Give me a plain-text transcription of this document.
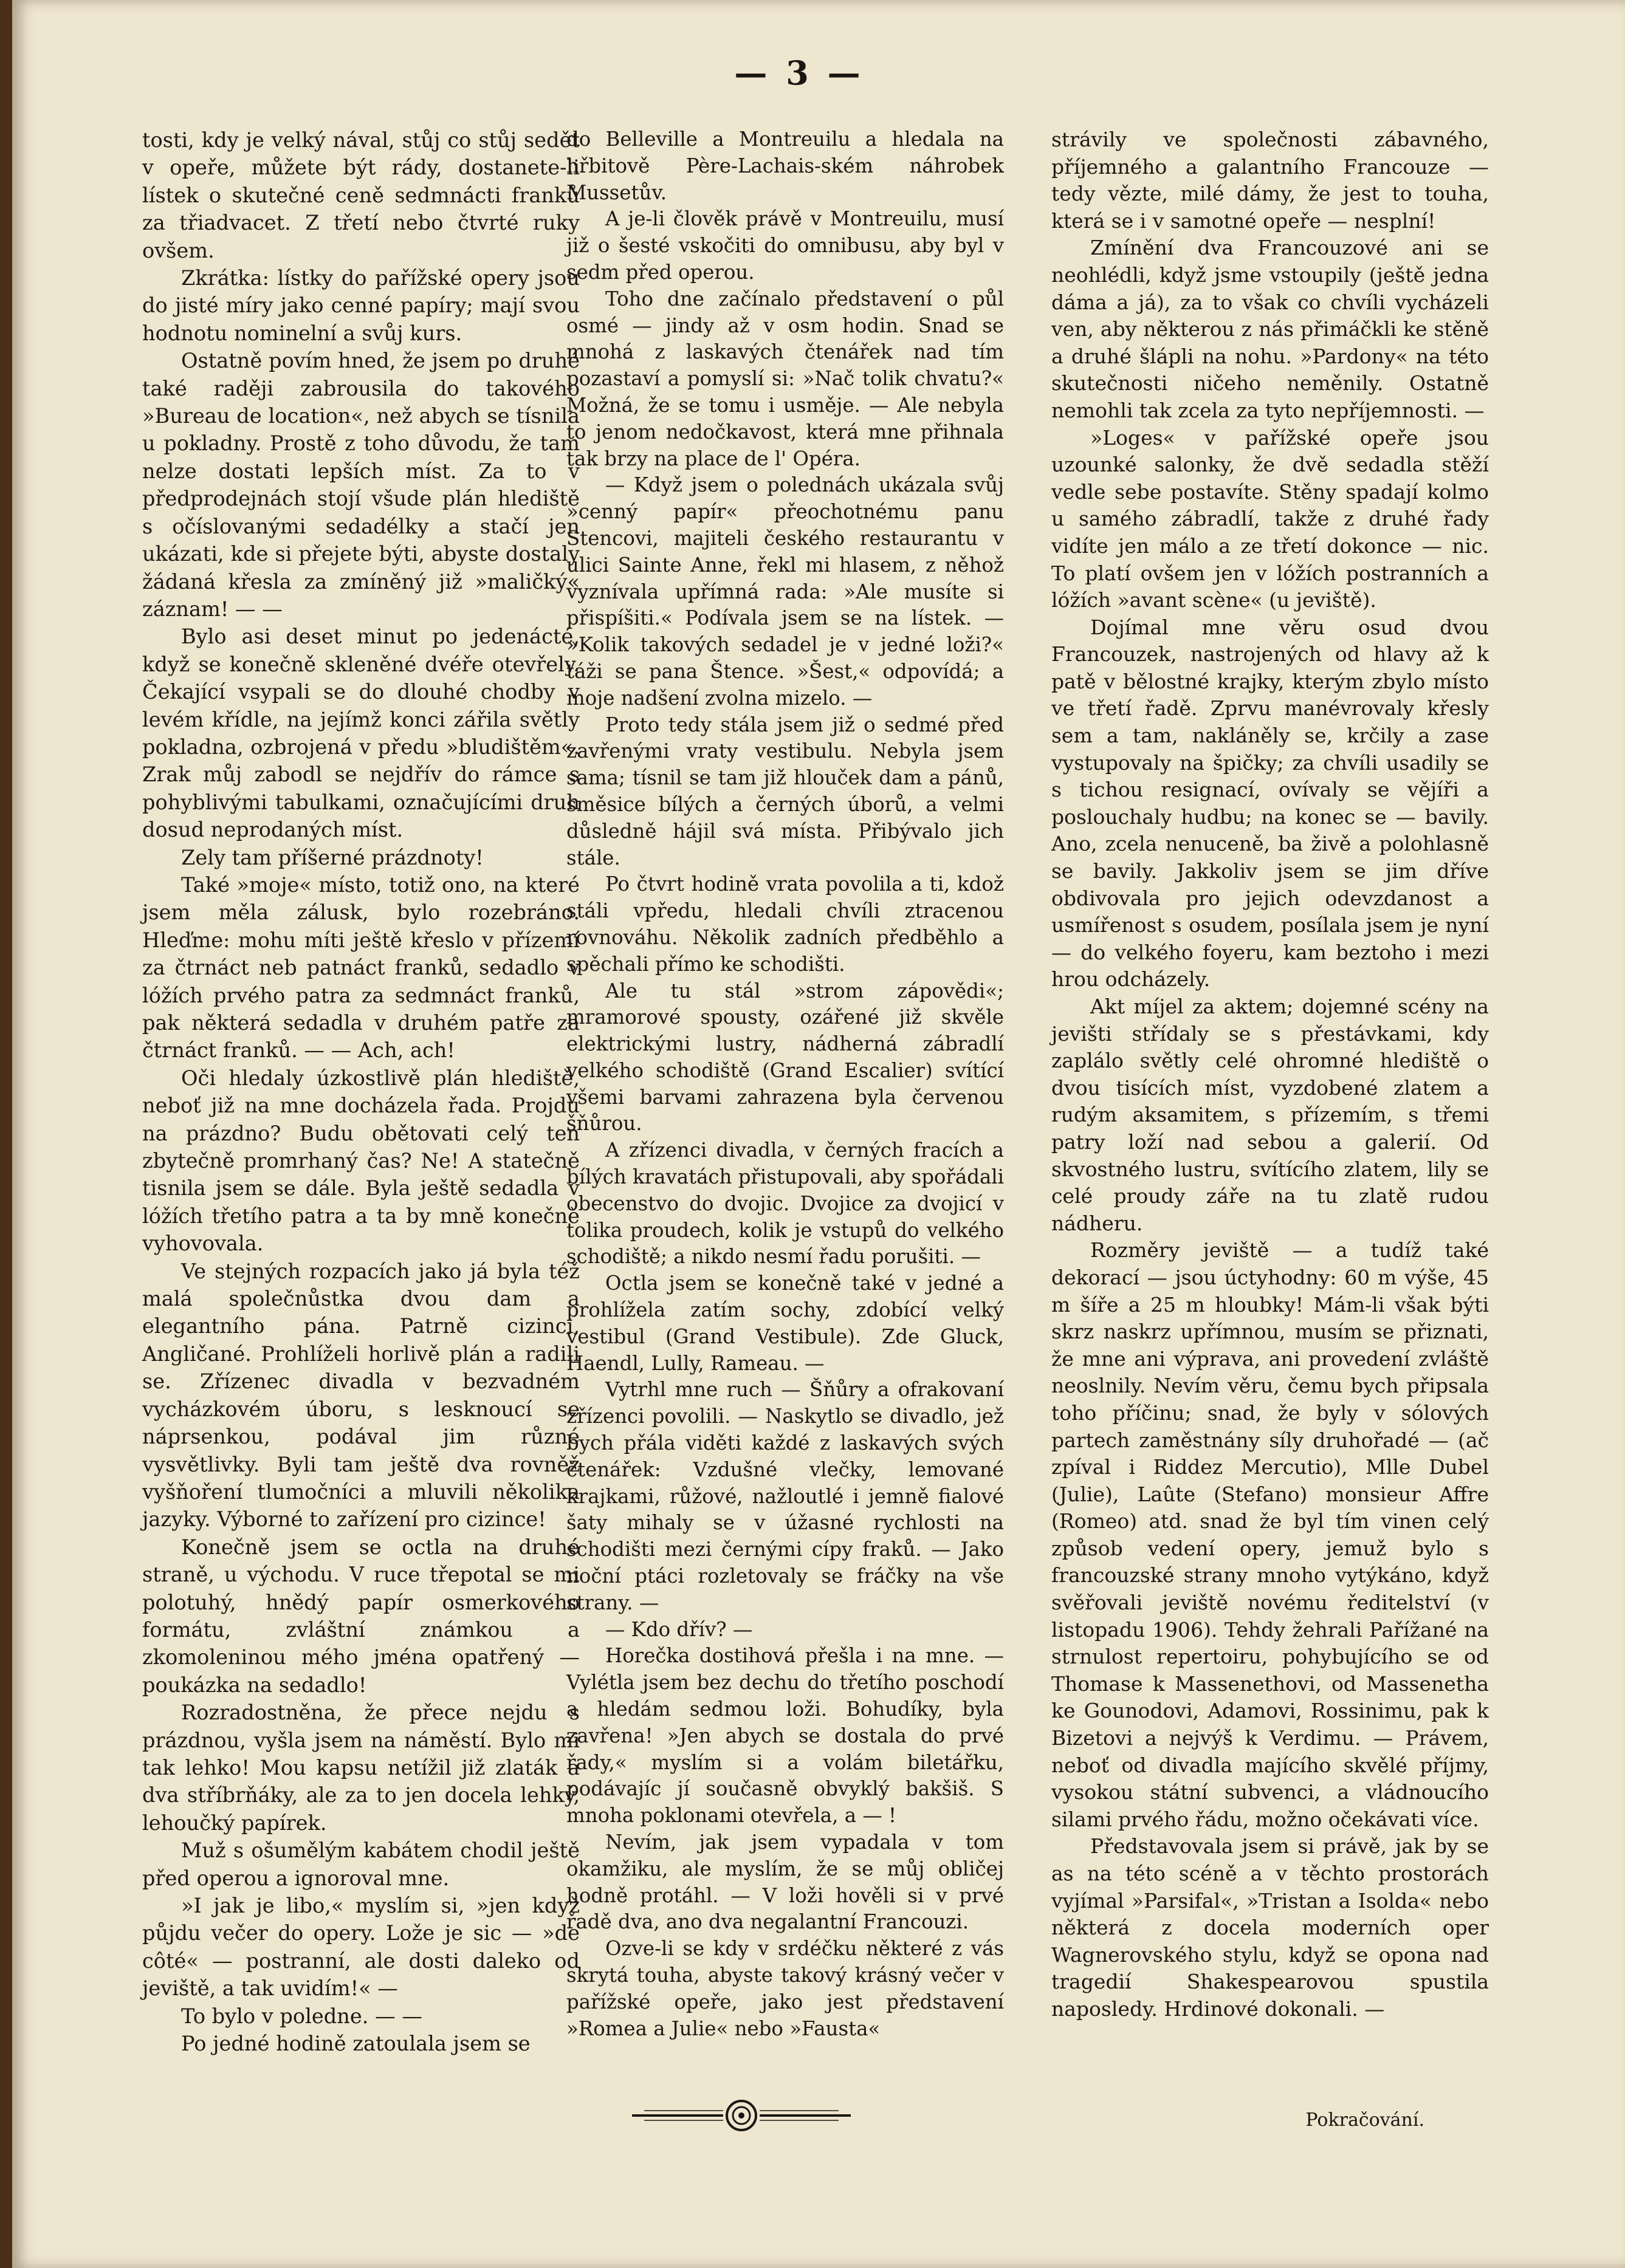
— 3 —

tosti, kdy je velký nával, stůj co stůj sedět v opeře, můžete být rády, dostanete-li lístek o skutečné ceně sedmnácti franků za třiadvacet. Z třetí nebo čtvrté ruky ovšem.

Zkrátka: lístky do pařížské opery jsou do jisté míry jako cenné papíry; mají svou hodnotu nominelní a svůj kurs.

Ostatně povím hned, že jsem po druhé také raději zabrousila do takového »Bureau de location«, než abych se tísnila u pokladny. Prostě z toho důvodu, že tam nelze dostati lepších míst. Za to v předprodejnách stojí všude plán hlediště s očíslovanými sedadélky a stačí jen ukázati, kde si přejete býti, abyste dostaly žádaná křesla za zmíněný již »maličký« záznam! — —

Bylo asi deset minut po jedenácté, když se konečně skleněné dvéře otevřely. Čekající vsypali se do dlouhé chodby v levém křídle, na jejímž konci zářila světly pokladna, ozbrojená v předu »bludištěm«. Zrak můj zabodl se nejdřív do rámce s pohyblivými tabulkami, označujícími druh dosud neprodaných míst.

Zely tam příšerné prázdnoty!

Také »moje« místo, totiž ono, na které jsem měla zálusk, bylo rozebráno. Hleďme: mohu míti ještě křeslo v přízemí za čtrnáct neb patnáct franků, sedadlo v lóžích prvého patra za sedmnáct franků, pak některá sedadla v druhém patře za čtrnáct franků. — — Ach, ach!

Oči hledaly úzkostlivě plán hlediště, neboť již na mne docházela řada. Projdu na prázdno? Budu obětovati celý ten zbytečně promrhaný čas? Ne! A statečně tisnila jsem se dále. Byla ještě sedadla v lóžích třetího patra a ta by mně konečně vyhovovala.

Ve stejných rozpacích jako já byla též malá společnůstka dvou dam a elegantního pána. Patrně cizinci, Angličané. Prohlíželi horlivě plán a radili se. Zřízenec divadla v bezvadném vycházkovém úboru, s lesknoucí se náprsenkou, podával jim různé vysvětlivky. Byli tam ještě dva rovněž vyšňoření tlumočníci a mluvili několika jazyky. Výborné to zařízení pro cizince!

Konečně jsem se octla na druhé straně, u východu. V ruce třepotal se mi polotuhý, hnědý papír osmerkového formátu, zvláštní známkou a zkomoleninou mého jména opatřený — poukázka na sedadlo!

Rozradostněna, že přece nejdu s prázdnou, vyšla jsem na náměstí. Bylo mi tak lehko! Mou kapsu netížil již zlaták a dva stříbrňáky, ale za to jen docela lehký, lehoučký papírek.

Muž s ošumělým kabátem chodil ještě před operou a ignoroval mne.

»I jak je libo,« myslím si, »jen když půjdu večer do opery. Lože je sic — »de côté« — postranní, ale dosti daleko od jeviště, a tak uvidím!« —

To bylo v poledne. — —

Po jedné hodině zatoulala jsem se

do Belleville a Montreuilu a hledala na hřbitově Père-Lachais-ském náhrobek Mussetův.

A je-li člověk právě v Montreuilu, musí již o šesté vskočiti do omnibusu, aby byl v sedm před operou.

Toho dne začínalo představení o půl osmé — jindy až v osm hodin. Snad se mnohá z laskavých čtenářek nad tím pozastaví a pomyslí si: »Nač tolik chvatu?« Možná, že se tomu i usměje. — Ale nebyla to jenom nedočkavost, která mne přihnala tak brzy na place de l' Opéra.

— Když jsem o polednách ukázala svůj »cenný papír« přeochotnému panu Stencovi, majiteli českého restaurantu v ulici Sainte Anne, řekl mi hlasem, z něhož vyznívala upřímná rada: »Ale musíte si přispíšiti.« Podívala jsem se na lístek. — »Kolik takových sedadel je v jedné loži?« táži se pana Štence. »Šest,« odpovídá; a moje nadšení zvolna mizelo. —

Proto tedy stála jsem již o sedmé před zavřenými vraty vestibulu. Nebyla jsem sama; tísnil se tam již hlouček dam a pánů, směsice bílých a černých úborů, a velmi důsledně hájil svá místa. Přibývalo jich stále.

Po čtvrt hodině vrata povolila a ti, kdož stáli vpředu, hledali chvíli ztracenou rovnováhu. Několik zadních předběhlo a spěchali přímo ke schodišti.

Ale tu stál »strom zápovědi«; mramorové spousty, ozářené již skvěle elektrickými lustry, nádherná zábradlí velkého schodiště (Grand Escalier) svítící všemi barvami zahrazena byla červenou šňůrou.

A zřízenci divadla, v černých fracích a bílých kravatách přistupovali, aby spořádali obecenstvo do dvojic. Dvojice za dvojicí v tolika proudech, kolik je vstupů do velkého schodiště; a nikdo nesmí řadu porušiti. —

Octla jsem se konečně také v jedné a prohlížela zatím sochy, zdobící velký vestibul (Grand Vestibule). Zde Gluck, Haendl, Lully, Rameau. —

Vytrhl mne ruch — Šňůry a ofrakovaní zřízenci povolili. — Naskytlo se divadlo, jež bych přála viděti každé z laskavých svých čtenářek: Vzdušné vlečky, lemované krajkami, růžové, nažloutlé i jemně fialové šaty mihaly se v úžasné rychlosti na schodišti mezi černými cípy fraků. — Jako noční ptáci rozletovaly se fráčky na vše strany. —

— Kdo dřív? —

Horečka dostihová přešla i na mne. — Vylétla jsem bez dechu do třetího poschodí a hledám sedmou loži. Bohudíky, byla zavřena! »Jen abych se dostala do prvé řady,« myslím si a volám biletářku, podávajíc jí současně obvyklý bakšiš. S mnoha poklonami otevřela, a — !

Nevím, jak jsem vypadala v tom okamžiku, ale myslím, že se můj obličej hodně protáhl. — V loži hověli si v prvé řadě dva, ano dva negalantní Francouzi.

Ozve-li se kdy v srdéčku některé z vás skrytá touha, abyste takový krásný večer v pařížské opeře, jako jest představení »Romea a Julie« nebo »Fausta«

strávily ve společnosti zábavného, příjemného a galantního Francouze — tedy vězte, milé dámy, že jest to touha, která se i v samotné opeře — nesplní!

Zmínění dva Francouzové ani se neohlédli, když jsme vstoupily (ještě jedna dáma a já), za to však co chvíli vycházeli ven, aby některou z nás přimáčkli ke stěně a druhé šlápli na nohu. »Pardony« na této skutečnosti ničeho neměnily. Ostatně nemohli tak zcela za tyto nepříjemnosti. —

»Loges« v pařížské opeře jsou uzounké salonky, že dvě sedadla stěží vedle sebe postavíte. Stěny spadají kolmo u samého zábradlí, takže z druhé řady vidíte jen málo a ze třetí dokonce — nic. To platí ovšem jen v lóžích postranních a lóžích »avant scène« (u jeviště).

Dojímal mne věru osud dvou Francouzek, nastrojených od hlavy až k patě v bělostné krajky, kterým zbylo místo ve třetí řadě. Zprvu manévrovaly křesly sem a tam, nakláněly se, krčily a zase vystupovaly na špičky; za chvíli usadily se s tichou resignací, ovívaly se vějíři a poslouchaly hudbu; na konec se — bavily. Ano, zcela nenuceně, ba živě a polohlasně se bavily. Jakkoliv jsem se jim dříve obdivovala pro jejich odevzdanost a usmířenost s osudem, posílala jsem je nyní — do velkého foyeru, kam beztoho i mezi hrou odcházely.

Akt míjel za aktem; dojemné scény na jevišti střídaly se s přestávkami, kdy zaplálo světly celé ohromné hlediště o dvou tisících míst, vyzdobené zlatem a rudým aksamitem, s přízemím, s třemi patry loží nad sebou a galerií. Od skvostného lustru, svítícího zlatem, lily se celé proudy záře na tu zlatě rudou nádheru.

Rozměry jeviště — a tudíž také dekorací — jsou úctyhodny: 60 m výše, 45 m šíře a 25 m hloubky! Mám-li však býti skrz naskrz upřímnou, musím se přiznati, že mne ani výprava, ani provedení zvláště neoslnily. Nevím věru, čemu bych připsala toho příčinu; snad, že byly v sólových partech zaměstnány síly druhořadé — (ač zpíval i Riddez Mercutio), Mlle Dubel (Julie), Laûte (Stefano) monsieur Affre (Romeo) atd. snad že byl tím vinen celý způsob vedení opery, jemuž bylo s francouzské strany mnoho vytýkáno, když svěřovali jeviště novému ředitelství (v listopadu 1906). Tehdy žehrali Pařížané na strnulost repertoiru, pohybujícího se od Thomase k Massenethovi, od Massenetha ke Gounodovi, Adamovi, Rossinimu, pak k Bizetovi a nejvýš k Verdimu. — Právem, neboť od divadla majícího skvělé příjmy, vysokou státní subvenci, a vládnoucího silami prvého řádu, možno očekávati více.

Představovala jsem si právě, jak by se as na této scéně a v těchto prostorách vyjímal »Parsifal«, »Tristan a Isolda« nebo některá z docela moderních oper Wagnerovského stylu, když se opona nad tragedií Shakespearovou spustila naposledy. Hrdinové dokonali. —

Pokračování.
